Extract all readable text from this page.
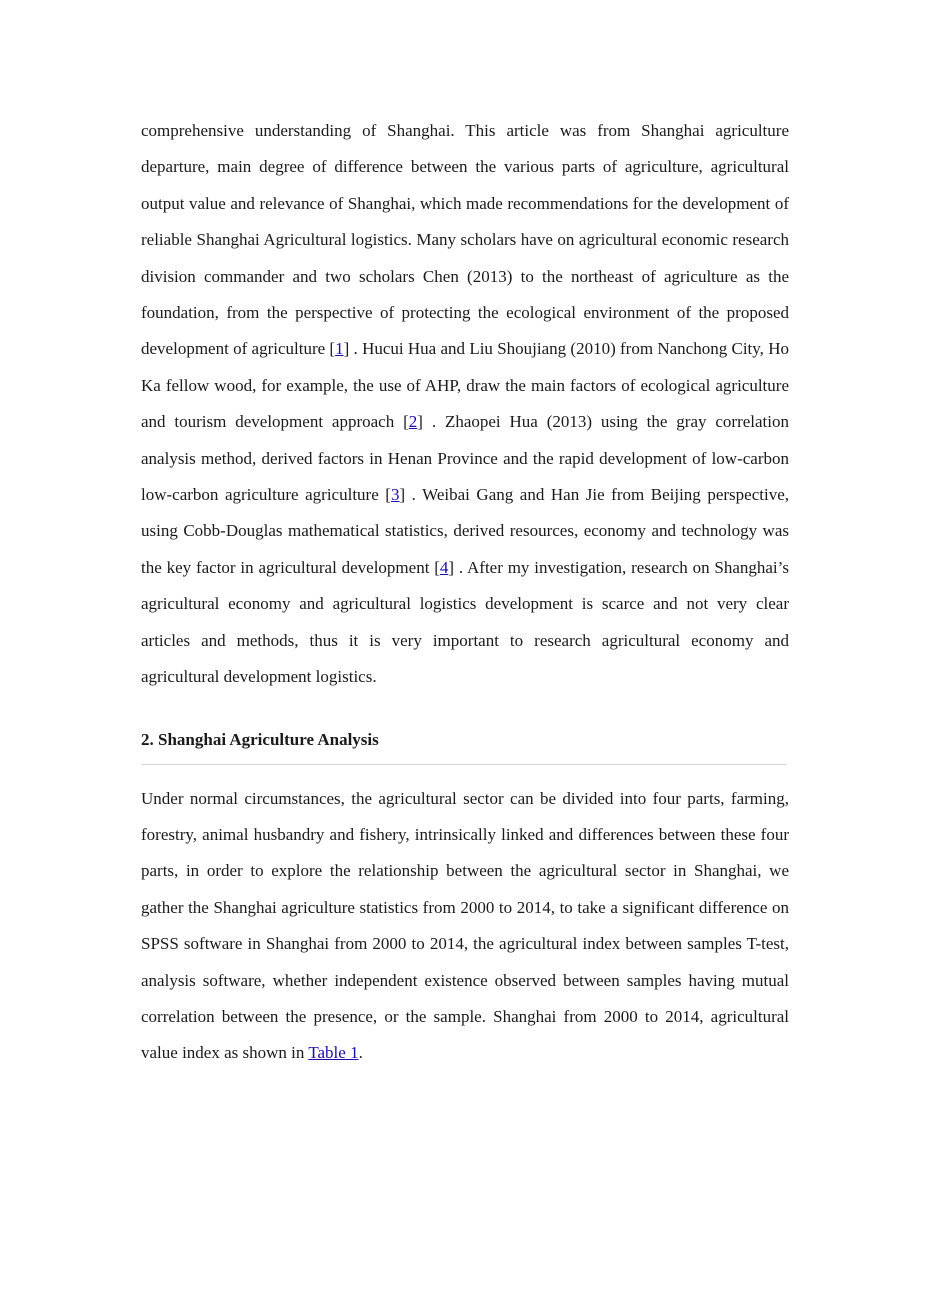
comprehensive understanding of Shanghai. This article was from Shanghai agriculture departure, main degree of difference between the various parts of agriculture, agricultural output value and relevance of Shanghai, which made recommendations for the development of reliable Shanghai Agricultural logistics. Many scholars have on agricultural economic research division commander and two scholars Chen (2013) to the northeast of agriculture as the foundation, from the perspective of protecting the ecological environment of the proposed development of agriculture [1] . Hucui Hua and Liu Shoujiang (2010) from Nanchong City, Ho Ka fellow wood, for example, the use of AHP, draw the main factors of ecological agriculture and tourism development approach [2] . Zhaopei Hua (2013) using the gray correlation analysis method, derived factors in Henan Province and the rapid development of low-carbon low-carbon agriculture agriculture [3] . Weibai Gang and Han Jie from Beijing perspective, using Cobb-Douglas mathematical statistics, derived resources, economy and technology was the key factor in agricultural development [4] . After my investigation, research on Shanghai’s agricultural economy and agricultural logistics development is scarce and not very clear articles and methods, thus it is very important to research agricultural economy and agricultural development logistics.

2. Shanghai Agriculture Analysis

Under normal circumstances, the agricultural sector can be divided into four parts, farming, forestry, animal husbandry and fishery, intrinsically linked and differences between these four parts, in order to explore the relationship between the agricultural sector in Shanghai, we gather the Shanghai agriculture statistics from 2000 to 2014, to take a significant difference on SPSS software in Shanghai from 2000 to 2014, the agricultural index between samples T-test, analysis software, whether independent existence observed between samples having mutual correlation between the presence, or the sample. Shanghai from 2000 to 2014, agricultural value index as shown in Table 1.
